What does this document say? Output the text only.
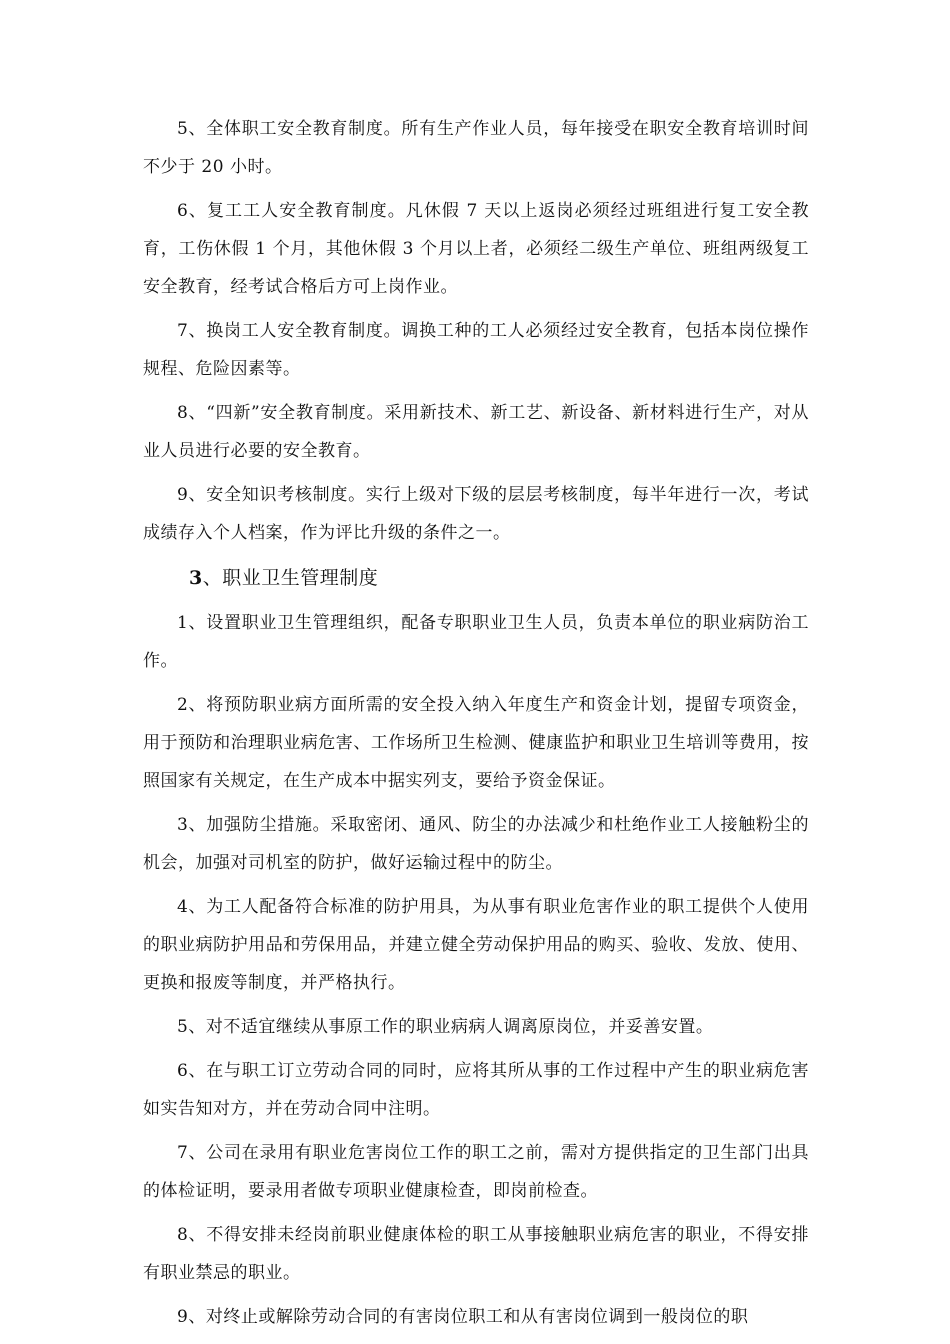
5、全体职工安全教育制度。所有生产作业人员，每年接受在职安全教育培训时间不少于 20 小时。

6、复工工人安全教育制度。凡休假 7 天以上返岗必须经过班组进行复工安全教育，工伤休假 1 个月，其他休假 3 个月以上者，必须经二级生产单位、班组两级复工安全教育，经考试合格后方可上岗作业。

7、换岗工人安全教育制度。调换工种的工人必须经过安全教育，包括本岗位操作规程、危险因素等。

8、“四新”安全教育制度。采用新技术、新工艺、新设备、新材料进行生产，对从业人员进行必要的安全教育。

9、安全知识考核制度。实行上级对下级的层层考核制度，每半年进行一次，考试成绩存入个人档案，作为评比升级的条件之一。

3、职业卫生管理制度

1、设置职业卫生管理组织，配备专职职业卫生人员，负责本单位的职业病防治工作。

2、将预防职业病方面所需的安全投入纳入年度生产和资金计划，提留专项资金，用于预防和治理职业病危害、工作场所卫生检测、健康监护和职业卫生培训等费用，按照国家有关规定，在生产成本中据实列支，要给予资金保证。

3、加强防尘措施。采取密闭、通风、防尘的办法减少和杜绝作业工人接触粉尘的机会，加强对司机室的防护，做好运输过程中的防尘。

4、为工人配备符合标准的防护用具，为从事有职业危害作业的职工提供个人使用的职业病防护用品和劳保用品，并建立健全劳动保护用品的购买、验收、发放、使用、更换和报废等制度，并严格执行。

5、对不适宜继续从事原工作的职业病病人调离原岗位，并妥善安置。

6、在与职工订立劳动合同的同时，应将其所从事的工作过程中产生的职业病危害如实告知对方，并在劳动合同中注明。

7、公司在录用有职业危害岗位工作的职工之前，需对方提供指定的卫生部门出具的体检证明，要录用者做专项职业健康检查，即岗前检查。

8、不得安排未经岗前职业健康体检的职工从事接触职业病危害的职业，不得安排有职业禁忌的职业。

9、对终止或解除劳动合同的有害岗位职工和从有害岗位调到一般岗位的职
